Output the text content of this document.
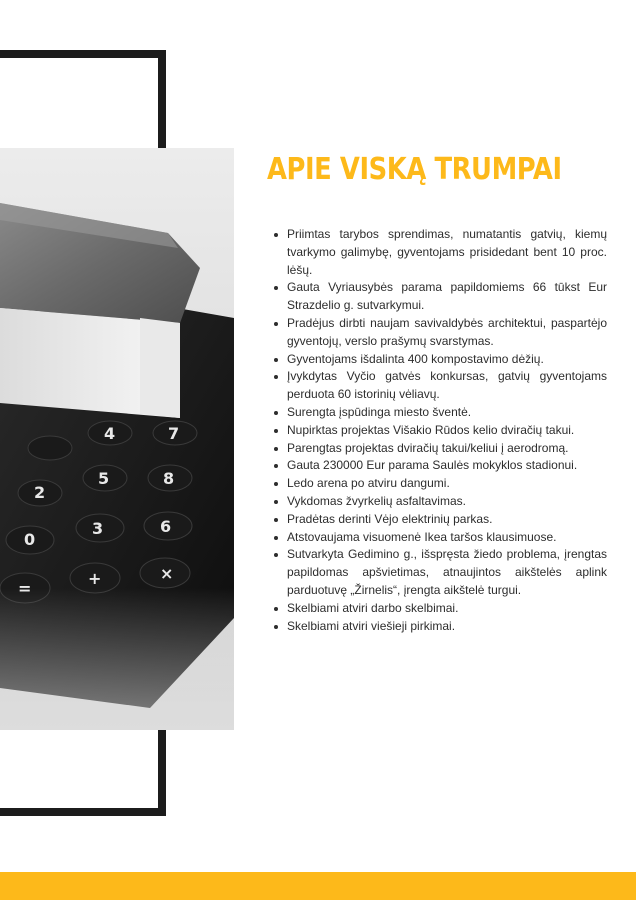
4	7
2
5	8
0
3	6
+	×
APIE VISKĄ TRUMPAI
Priimtas tarybos sprendimas, numatantis gatvių, kiemų tvarkymo galimybę, gyventojams prisidedant bent 10 proc. lėšų.
Gauta Vyriausybės parama papildomiems 66 tūkst Eur Strazdelio g. sutvarkymui.
Pradėjus dirbti naujam savivaldybės architektui, paspartėjo gyventojų, verslo prašymų svarstymas.
Gyventojams išdalinta 400 kompostavimo dėžių.
Įvykdytas Vyčio gatvės konkursas, gatvių gyventojams perduota 60 istorinių vėliavų.
Surengta įspūdinga miesto šventė.
Nupirktas projektas Višakio Rūdos kelio dviračių takui.
Parengtas projektas dviračių takui/keliui į aerodromą.
Gauta 230000 Eur parama Saulės mokyklos stadionui.
Ledo arena po atviru dangumi.
Vykdomas žvyrkelių asfaltavimas.
Pradėtas derinti Vėjo elektrinių parkas.
Atstovaujama visuomenė Ikea taršos klausimuose.
Sutvarkyta Gedimino g., išspręsta žiedo problema, įrengtas papildomas apšvietimas, atnaujintos aikštelės aplink parduotuvę „Žirnelis“, įrengta aikštelė turgui.
Skelbiami atviri darbo skelbimai.
Skelbiami atviri viešieji pirkimai.
